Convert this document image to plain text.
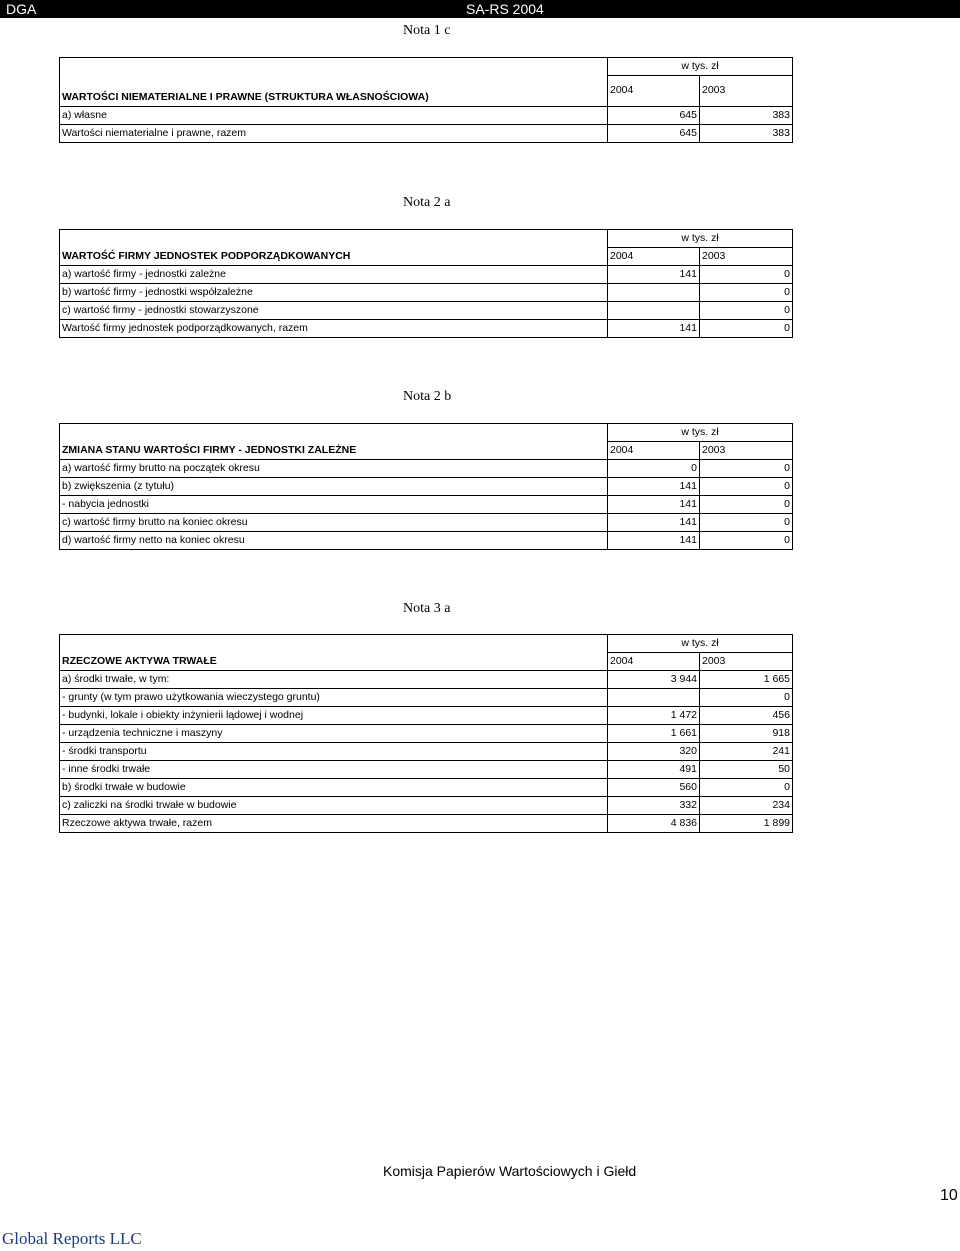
DGA	SA-RS 2004
Nota 1 c
	w tys. zł	
WARTOŚCI NIEMATERIALNE I PRAWNE (STRUKTURA WŁASNOŚCIOWA)	2004	2003
a) własne	645	383
Wartości niematerialne i prawne, razem	645	383
Nota 2 a
	w tys. zł	
WARTOŚĆ FIRMY JEDNOSTEK PODPORZĄDKOWANYCH	2004	2003
a) wartość firmy - jednostki zależne	141	0
b) wartość firmy - jednostki współzależne		0
c) wartość firmy - jednostki stowarzyszone		0
Wartość firmy jednostek podporządkowanych, razem	141	0
Nota 2 b
	w tys. zł	
ZMIANA STANU WARTOŚCI FIRMY - JEDNOSTKI ZALEŻNE	2004	2003
a) wartość firmy brutto na początek okresu	0	0
b) zwiększenia (z tytułu)	141	0
- nabycia jednostki	141	0
c) wartość firmy brutto na koniec okresu	141	0
d) wartość firmy netto na koniec okresu	141	0
Nota 3 a
	w tys. zł	
RZECZOWE AKTYWA TRWAŁE	2004	2003
a) środki trwałe, w tym:	3 944	1 665
- grunty (w tym prawo użytkowania wieczystego gruntu)		0
- budynki, lokale i obiekty inżynierii lądowej i wodnej	1 472	456
- urządzenia techniczne i maszyny	1 661	918
- środki transportu	320	241
- inne środki trwałe	491	50
b) środki trwałe w budowie	560	0
c) zaliczki na środki trwałe w budowie	332	234
Rzeczowe aktywa trwałe, razem	4 836	1 899
Komisja Papierów Wartościowych i Giełd
10
Global Reports LLC
